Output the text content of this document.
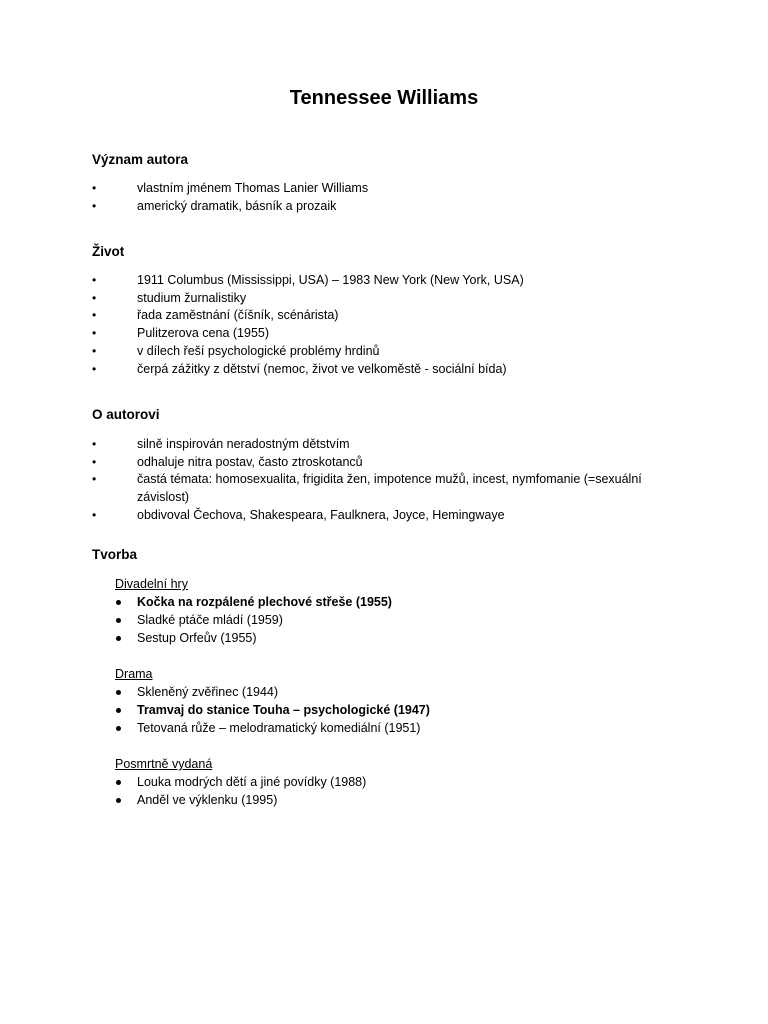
Tennessee Williams
Význam autora
• vlastním jménem Thomas Lanier Williams
• americký dramatik, básník a prozaik
Život
• 1911 Columbus (Mississippi, USA) – 1983 New York (New York, USA)
• studium žurnalistiky
• řada zaměstnání (číšník, scénárista)
• Pulitzerova cena (1955)
• v dílech řeší psychologické problémy hrdinů
• čerpá zážitky z dětství (nemoc, život ve velkoměstě - sociální bída)
O autorovi
• silně inspirován neradostným dětstvím
• odhaluje nitra postav, často ztroskotanců
• častá témata: homosexualita, frigidita žen, impotence mužů, incest, nymfomanie (=sexuální závislost)
• obdivoval Čechova, Shakespeara, Faulknera, Joyce, Hemingwaye
Tvorba

Divadelní hry

Kočka na rozpálené plechové střeše (1955)
Sladké ptáče mládí (1959)
Sestup Orfeův (1955)

Drama

Skleněný zvěřinec (1944)
Tramvaj do stanice Touha – psychologické (1947)
Tetovaná růže – melodramatický komediální (1951)

Posmrtně vydaná

Louka modrých dětí a jiné povídky (1988)
Anděl ve výklenku (1995)
